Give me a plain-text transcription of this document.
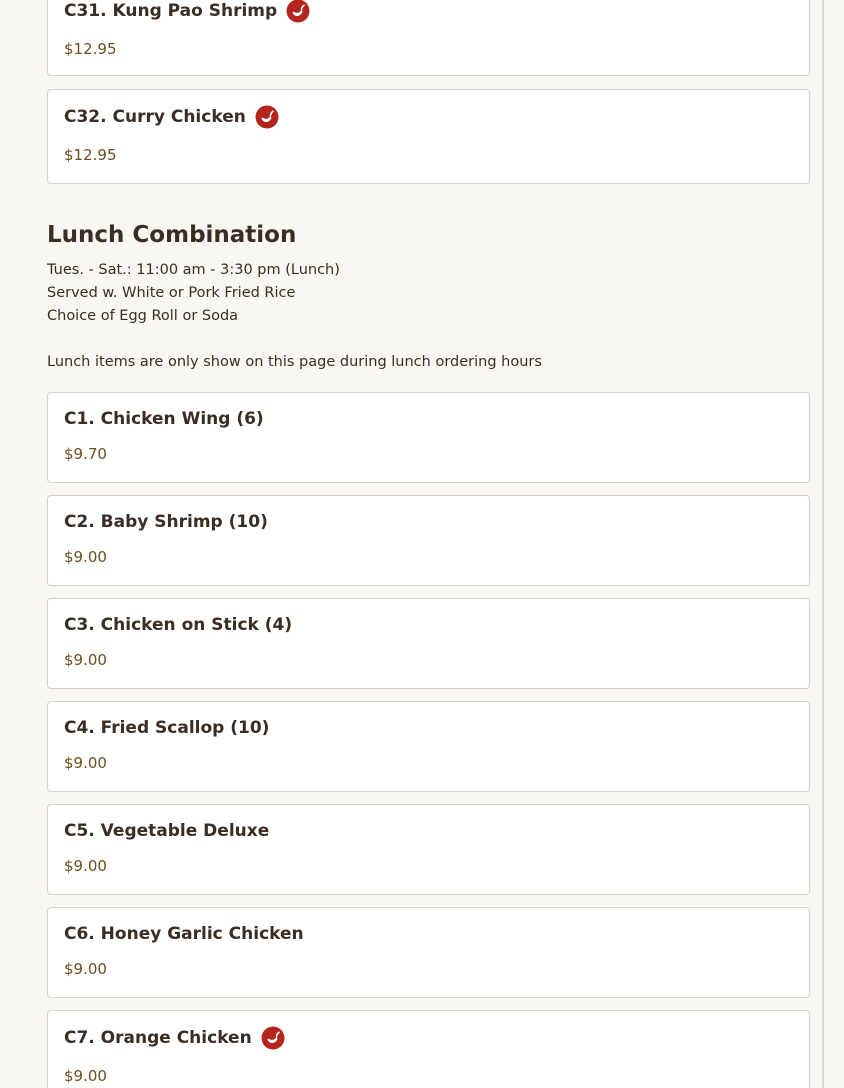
C31. Kung Pao Shrimp
$12.95
C32. Curry Chicken
$12.95
Lunch Combination
Tues. - Sat.: 11:00 am - 3:30 pm (Lunch)
Served w. White or Pork Fried Rice
Choice of Egg Roll or Soda
Lunch items are only show on this page during lunch ordering hours
C1. Chicken Wing (6)
$9.70
C2. Baby Shrimp (10)
$9.00
C3. Chicken on Stick (4)
$9.00
C4. Fried Scallop (10)
$9.00
C5. Vegetable Deluxe
$9.00
C6. Honey Garlic Chicken
$9.00
C7. Orange Chicken
$9.00
